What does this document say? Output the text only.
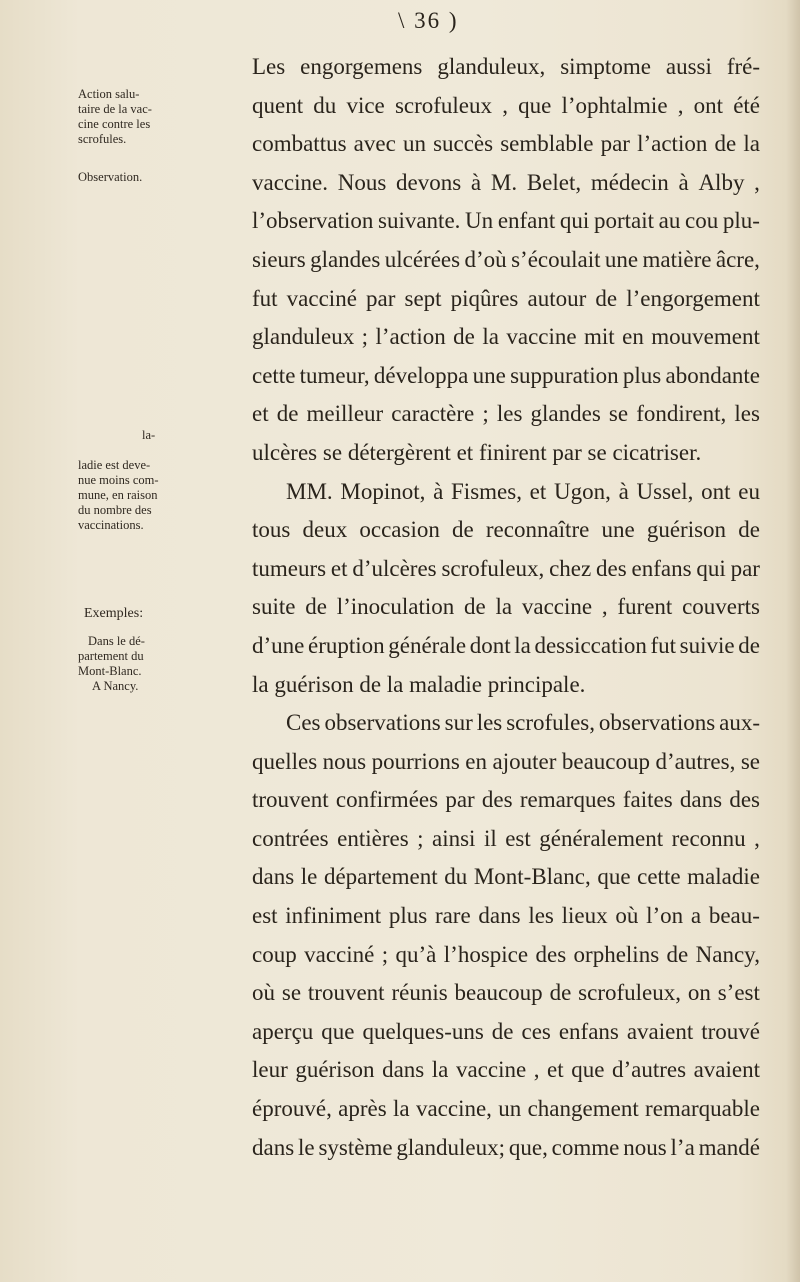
\ 36 )
Action salu-
taire de la vac-
cine contre les
scrofules.
Observation.
la-
ladie est deve-
nue moins com-
mune, en raison
du nombre des
vaccinations.
Exemples:
Dans le dé-
partement du
Mont-Blanc.
A Nancy.
Les engorgemens glanduleux, simptome aussi fré-
quent du vice scrofuleux , que l’ophtalmie , ont été
combattus avec un succès semblable par l’action de la
vaccine. Nous devons à M. Belet, médecin à Alby ,
l’observation suivante. Un enfant qui portait au cou plu-
sieurs glandes ulcérées d’où s’écoulait une matière âcre,
fut vacciné par sept piqûres autour de l’engorgement
glanduleux ; l’action de la vaccine mit en mouvement
cette tumeur, développa une suppuration plus abondante
et de meilleur caractère ; les glandes se fondirent, les
ulcères se détergèrent et finirent par se cicatriser.
MM. Mopinot, à Fismes, et Ugon, à Ussel, ont eu
tous deux occasion de reconnaître une guérison de
tumeurs et d’ulcères scrofuleux, chez des enfans qui par
suite de l’inoculation de la vaccine , furent couverts
d’une éruption générale dont la dessiccation fut suivie de
la guérison de la maladie principale.
Ces observations sur les scrofules, observations aux-
quelles nous pourrions en ajouter beaucoup d’autres, se
trouvent confirmées par des remarques faites dans des
contrées entières ; ainsi il est généralement reconnu ,
dans le département du Mont-Blanc, que cette maladie
est infiniment plus rare dans les lieux où l’on a beau-
coup vacciné ; qu’à l’hospice des orphelins de Nancy,
où se trouvent réunis beaucoup de scrofuleux, on s’est
aperçu que quelques-uns de ces enfans avaient trouvé
leur guérison dans la vaccine , et que d’autres avaient
éprouvé, après la vaccine, un changement remarquable
dans le système glanduleux; que, comme nous l’a mandé
